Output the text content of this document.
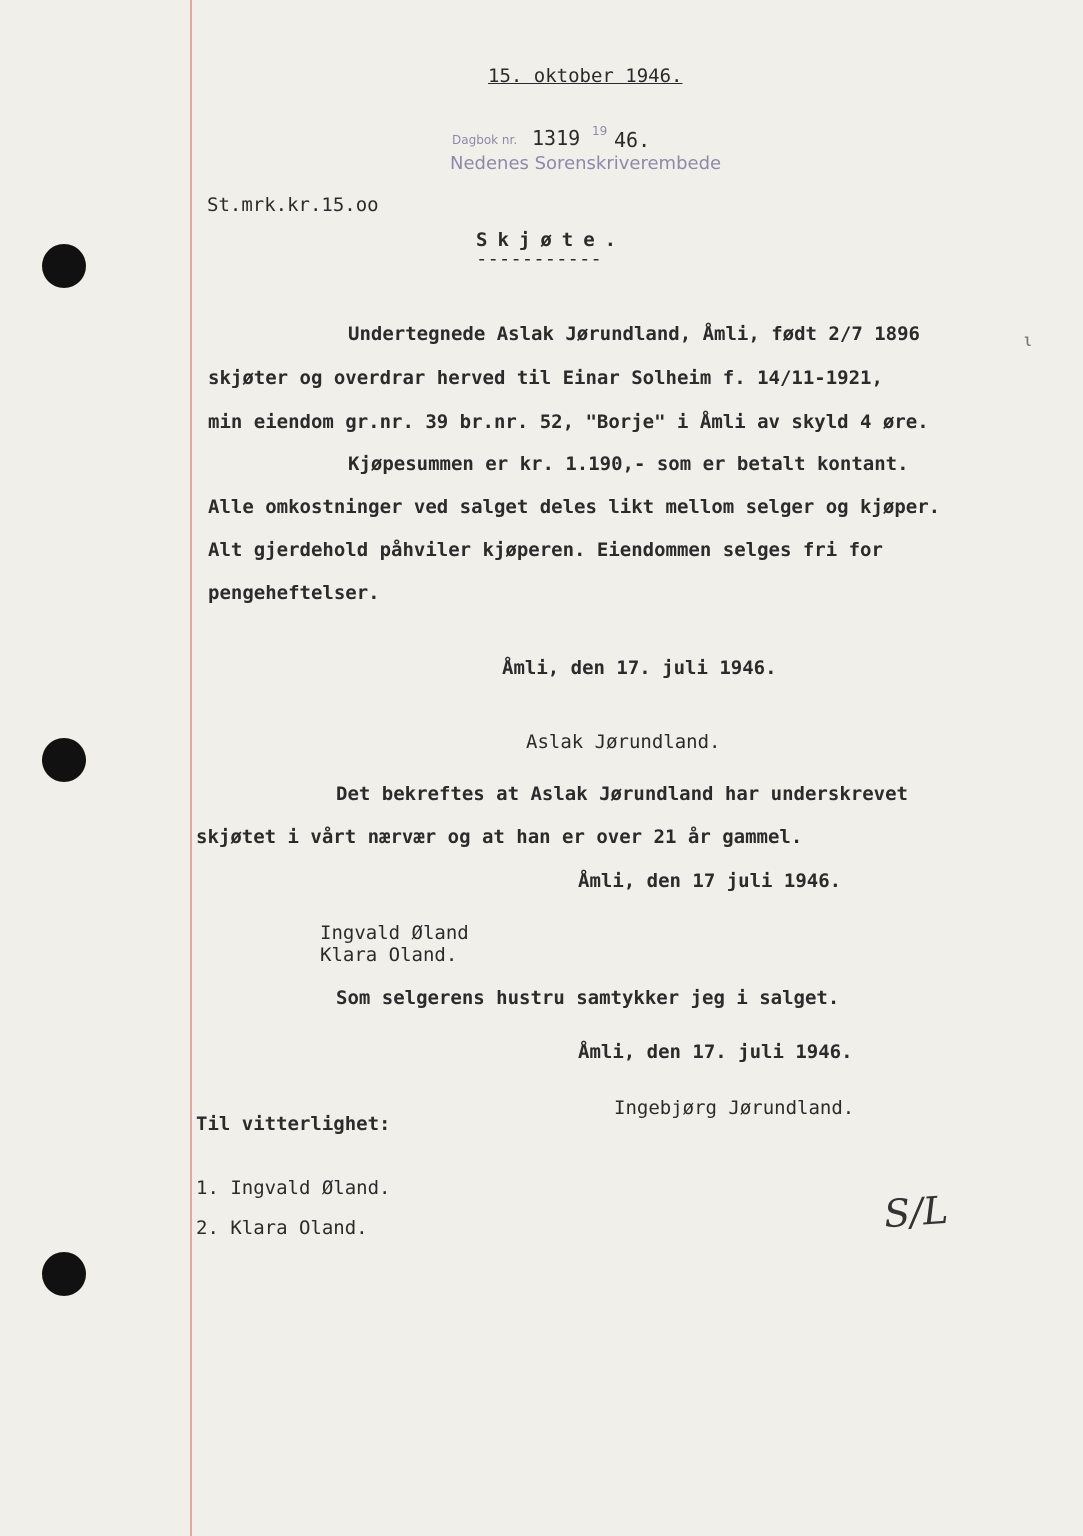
15. oktober 1946.
Dagbok nr. 1319 19 46.
Nedenes Sorenskriverembede
St.mrk.kr.15.oo
Skjøte.
-----------
Undertegnede Aslak Jørundland, Åmli, født 2/7 1896
skjøter og overdrar herved til Einar Solheim f. 14/11-1921,
min eiendom gr.nr. 39 br.nr. 52, "Borje" i Åmli av skyld 4 øre.
Kjøpesummen er kr. 1.190,- som er betalt kontant.
Alle omkostninger ved salget deles likt mellom selger og kjøper.
Alt gjerdehold påhviler kjøperen. Eiendommen selges fri for
pengeheftelser.
Åmli, den 17. juli 1946.
Aslak Jørundland.
Det bekreftes at Aslak Jørundland har underskrevet
skjøtet i vårt nærvær og at han er over 21 år gammel.
Åmli, den 17 juli 1946.
Ingvald Øland
Klara Oland.
Som selgerens hustru samtykker jeg i salget.
Åmli, den 17. juli 1946.
Ingebjørg Jørundland.
Til vitterlighet:
1. Ingvald Øland.
2. Klara Oland.	S/L
ι
